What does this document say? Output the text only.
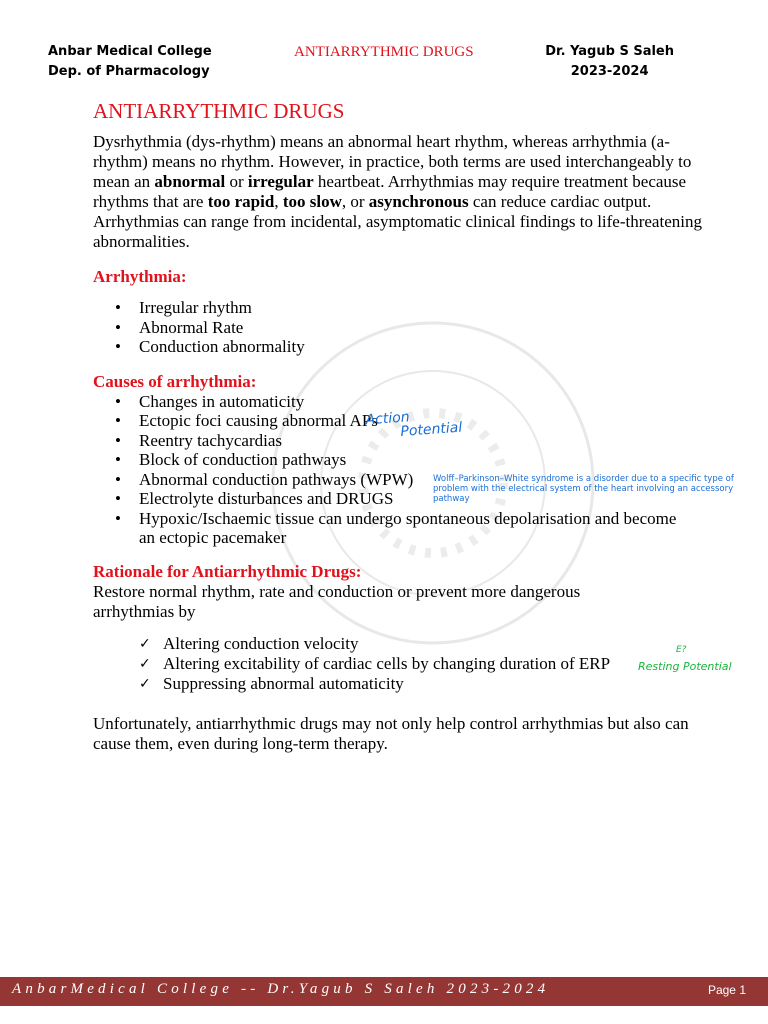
Anbar Medical College
Dep. of Pharmacology
ANTIARRYTHMIC DRUGS	Dr. Yagub S Saleh
2023-2024
ANTIARRYTHMIC DRUGS

Dysrhythmia (dys-rhythm) means an abnormal heart rhythm, whereas arrhythmia (a-rhythm) means no rhythm. However, in practice, both terms are used interchangeably to mean an abnormal or irregular heartbeat. Arrhythmias may require treatment because rhythms that are too rapid, too slow, or asynchronous can reduce cardiac output. Arrhythmias can range from incidental, asymptomatic clinical findings to life-threatening abnormalities.

Arrhythmia:
• Irregular rhythm
• Abnormal Rate
• Conduction abnormality
Causes of arrhythmia:
• Changes in automaticity
• Ectopic foci causing abnormal APs
• Reentry tachycardias
• Block of conduction pathways
• Abnormal conduction pathways (WPW)
• Electrolyte disturbances and DRUGS
• Hypoxic/Ischaemic tissue can undergo spontaneous depolarisation and become an ectopic pacemaker
Rationale for Antiarrhythmic Drugs:

Restore normal rhythm, rate and conduction or prevent more dangerous arrhythmias by

✓ Altering conduction velocity
✓ Altering excitability of cardiac cells by changing duration of ERP
✓ Suppressing abnormal automaticity

Unfortunately, antiarrhythmic drugs may not only help control arrhythmias but also can cause them, even during long-term therapy.

Action
Potential
Wolff–Parkinson–White syndrome is a disorder due to a specific type of
problem with the electrical system of the heart involving an accessory pathway
E?
Resting Potential
AnbarMedical College -- Dr.Yagub S Saleh 2023-2024	Page 1
